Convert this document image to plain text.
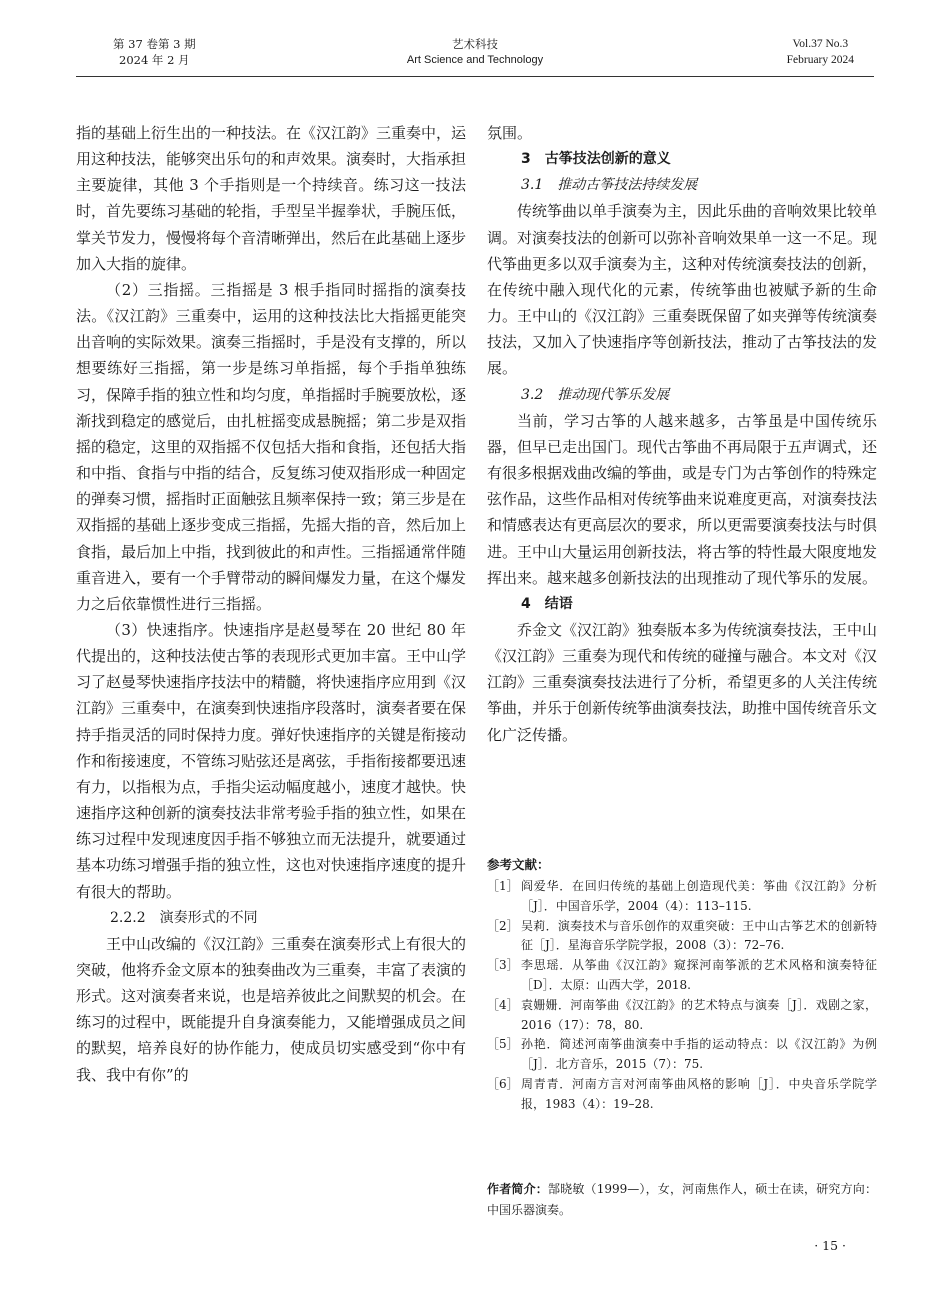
第 37 卷第 3 期
2024 年 2 月
艺术科技
Art Science and Technology
Vol.37 No.3
February 2024

指的基础上衍生出的一种技法。在《汉江韵》三重奏中，运用这种技法，能够突出乐句的和声效果。演奏时，大指承担主要旋律，其他 3 个手指则是一个持续音。练习这一技法时，首先要练习基础的轮指，手型呈半握拳状，手腕压低，掌关节发力，慢慢将每个音清晰弹出，然后在此基础上逐步加入大指的旋律。

（2）三指摇。三指摇是 3 根手指同时摇指的演奏技法。《汉江韵》三重奏中，运用的这种技法比大指摇更能突出音响的实际效果。演奏三指摇时，手是没有支撑的，所以想要练好三指摇，第一步是练习单指摇，每个手指单独练习，保障手指的独立性和均匀度，单指摇时手腕要放松，逐渐找到稳定的感觉后，由扎桩摇变成悬腕摇；第二步是双指摇的稳定，这里的双指摇不仅包括大指和食指，还包括大指和中指、食指与中指的结合，反复练习使双指形成一种固定的弹奏习惯，摇指时正面触弦且频率保持一致；第三步是在双指摇的基础上逐步变成三指摇，先摇大指的音，然后加上食指，最后加上中指，找到彼此的和声性。三指摇通常伴随重音进入，要有一个手臂带动的瞬间爆发力量，在这个爆发力之后依靠惯性进行三指摇。

（3）快速指序。快速指序是赵曼琴在 20 世纪 80 年代提出的，这种技法使古筝的表现形式更加丰富。王中山学习了赵曼琴快速指序技法中的精髓，将快速指序应用到《汉江韵》三重奏中，在演奏到快速指序段落时，演奏者要在保持手指灵活的同时保持力度。弹好快速指序的关键是衔接动作和衔接速度，不管练习贴弦还是离弦，手指衔接都要迅速有力，以指根为点，手指尖运动幅度越小，速度才越快。快速指序这种创新的演奏技法非常考验手指的独立性，如果在练习过程中发现速度因手指不够独立而无法提升，就要通过基本功练习增强手指的独立性，这也对快速指序速度的提升有很大的帮助。

2.2.2　演奏形式的不同

王中山改编的《汉江韵》三重奏在演奏形式上有很大的突破，他将乔金文原本的独奏曲改为三重奏，丰富了表演的形式。这对演奏者来说，也是培养彼此之间默契的机会。在练习的过程中，既能提升自身演奏能力，又能增强成员之间的默契，培养良好的协作能力，使成员切实感受到“你中有我、我中有你”的

氛围。

3　古筝技法创新的意义
3.1　推动古筝技法持续发展

传统筝曲以单手演奏为主，因此乐曲的音响效果比较单调。对演奏技法的创新可以弥补音响效果单一这一不足。现代筝曲更多以双手演奏为主，这种对传统演奏技法的创新，在传统中融入现代化的元素，传统筝曲也被赋予新的生命力。王中山的《汉江韵》三重奏既保留了如夹弹等传统演奏技法，又加入了快速指序等创新技法，推动了古筝技法的发展。

3.2　推动现代筝乐发展

当前，学习古筝的人越来越多，古筝虽是中国传统乐器，但早已走出国门。现代古筝曲不再局限于五声调式，还有很多根据戏曲改编的筝曲，或是专门为古筝创作的特殊定弦作品，这些作品相对传统筝曲来说难度更高，对演奏技法和情感表达有更高层次的要求，所以更需要演奏技法与时俱进。王中山大量运用创新技法，将古筝的特性最大限度地发挥出来。越来越多创新技法的出现推动了现代筝乐的发展。

4　结语

乔金文《汉江韵》独奏版本多为传统演奏技法，王中山《汉江韵》三重奏为现代和传统的碰撞与融合。本文对《汉江韵》三重奏演奏技法进行了分析，希望更多的人关注传统筝曲，并乐于创新传统筝曲演奏技法，助推中国传统音乐文化广泛传播。

参考文献：
［1］ 阎爱华．在回归传统的基础上创造现代美：筝曲《汉江韵》分析［J］．中国音乐学，2004（4）：113–115.
［2］ 吴莉．演奏技术与音乐创作的双重突破：王中山古筝艺术的创新特征［J］．星海音乐学院学报，2008（3）：72–76.
［3］ 李思瑶．从筝曲《汉江韵》窥探河南筝派的艺术风格和演奏特征［D］．太原：山西大学，2018.
［4］ 袁姗姗．河南筝曲《汉江韵》的艺术特点与演奏［J］．戏剧之家，2016（17）：78，80.
［5］ 孙艳．简述河南筝曲演奏中手指的运动特点：以《汉江韵》为例［J］．北方音乐，2015（7）：75.
［6］ 周青青．河南方言对河南筝曲风格的影响［J］．中央音乐学院学报，1983（4）：19–28.
作者简介：郜晓敏（1999—），女，河南焦作人，硕士在读，研究方向：中国乐器演奏。
· 15 ·
